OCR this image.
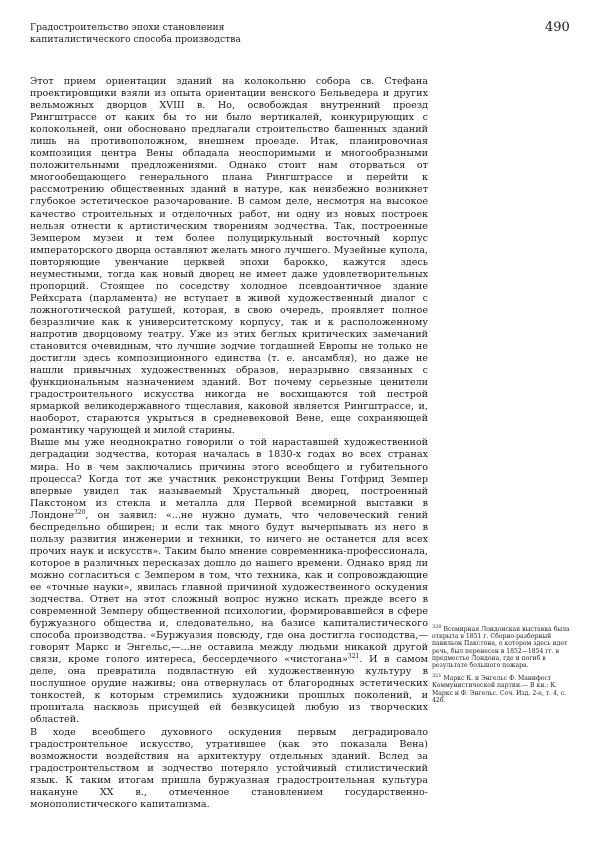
Градостроительство эпохи становления
капиталистического способа производства
490

Этот прием ориентации зданий на колокольню собора св. Стефана проектировщики взяли из опыта ориентации венского Бельведера и других вельможных дворцов XVIII в. Но, освобождая внутренний проезд Рингштрассе от каких бы то ни было вертикалей, конкурирующих с колокольней, они обосновано предлагали строительство башенных зданий лишь на противоположном, внешнем проезде. Итак, планировочная композиция центра Вены обладала неоспоримыми и многообразными положительными предложениями. Однако стоит нам оторваться от многообещающего генерального плана Рингштрассе и перейти к рассмотрению общественных зданий в натуре, как неизбежно возникнет глубокое эстетическое разочарование. В самом деле, несмотря на высокое качество строительных и отделочных работ, ни одну из новых построек нельзя отнести к артистическим творениям зодчества. Так, построенные Земпером музеи и тем более полуциркульный восточный корпус императорского дворца оставляют желать много лучшего. Музейные купола, повторяющие увенчание церквей эпохи барокко, кажутся здесь неуместными, тогда как новый дворец не имеет даже удовлетворительных пропорций. Стоящее по соседству холодное псевдоантичное здание Рейхсрата (парламента) не вступает в живой художественный диалог с ложноготической ратушей, которая, в свою очередь, проявляет полное безразличие как к университетскому корпусу, так и к расположенному напротив дворцовому театру. Уже из этих беглых критических замечаний становится очевидным, что лучшие зодчие тогдашней Европы не только не достигли здесь композиционного единства (т. е. ансамбля), но даже не нашли привычных художественных образов, неразрывно связанных с функциональным назначением зданий. Вот почему серьезные ценители градостроительного искусства никогда не восхищаются той пестрой ярмаркой великодержавного тщеславия, каковой является Рингштрассе, и, наоборот, стараются укрыться в средневековой Вене, еще сохраняющей романтику чарующей и милой старины.

Выше мы уже неоднократно говорили о той нараставшей художественной деградации зодчества, которая началась в 1830-х годах во всех странах мира. Но в чем заключались причины этого всеобщего и губительного процесса? Когда тот же участник реконструкции Вены Готфрид Земпер впервые увидел так называемый Хрустальный дворец, построенный Пакстоном из стекла и металла для Первой всемирной выставки в Лондоне$^{320}$, он заявил: «...не нужно думать, что человеческий гений беспредельно обширен; и если так много будут вычерпывать из него в пользу развития инженерии и техники, то ничего не останется для всех прочих наук и искусств». Таким было мнение современника-профессионала, которое в различных пересказах дошло до нашего времени. Однако вряд ли можно согласиться с Земпером в том, что техника, как и сопровождающие ее «точные науки», явилась главной причиной художественного оскудения зодчества. Ответ на этот сложный вопрос нужно искать прежде всего в современной Земперу общественной психологии, формировавшейся в сфере буржуазного общества и, следовательно, на базисе капиталистического способа производства. «Буржуазия повсюду, где она достигла господства,—говорят Маркс и Энгельс,—...не оставила между людьми никакой другой связи, кроме голого интереса, бессердечного «чистогана»$^{321}$. И в самом деле, она превратила подвластную ей художественную культуру в послушное орудие наживы; она отвернулась от благородных эстетических тонкостей, к которым стремились художники прошлых поколений, и пропитала насквозь присущей ей безвкусицей любую из творческих областей.

В ходе всеобщего духовного оскудения первым деградировало градостроительное искусство, утратившее (как это показала Вена) возможности воздействия на архитектуру отдельных зданий. Вслед за градостроительством и зодчество потеряло устойчивый стилистический язык. К таким итогам пришла буржуазная градостроительная культура накануне XX в., отмеченное становлением государственно-монополистического капитализма.

$^{320}$ Всемирная Лондонская выставка была открыта в 1851 г. Сборно-разборный павильон Пакстона, о котором здесь идет речь, был перенесен в 1852—1854 гг. в предместье Лондона, где и погиб в результате большого пожара.

$^{321}$ Маркс К. и Энгельс Ф. Манифест Коммунистической партии.— В кн.: К. Маркс и Ф. Энгельс. Соч. Изд. 2-е, т. 4, с. 426.
